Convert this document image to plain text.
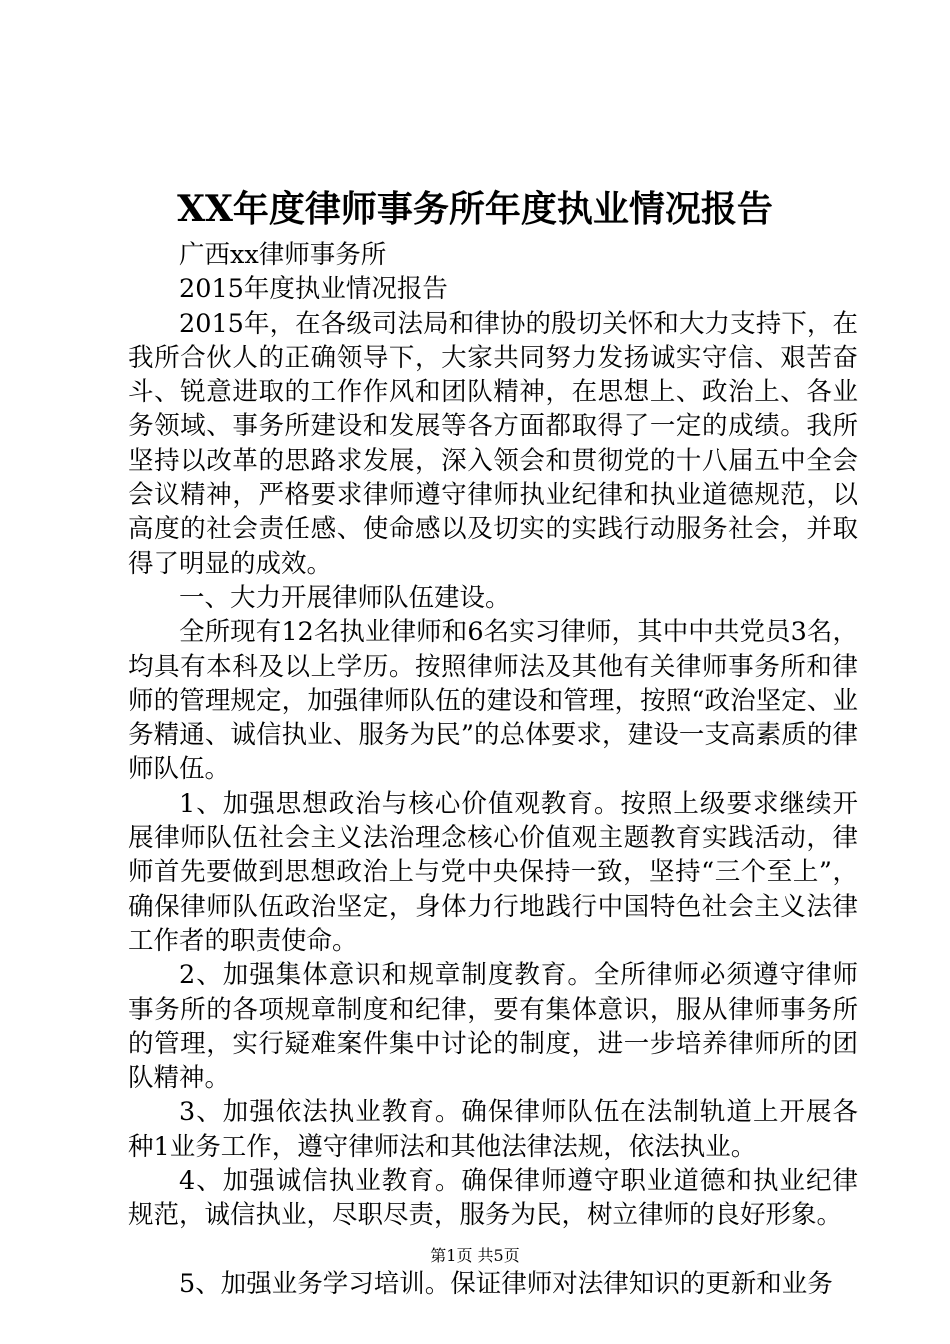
XX年度律师事务所年度执业情况报告

广西xx律师事务所

2015年度执业情况报告

2015年，在各级司法局和律协的殷切关怀和大力支持下，在我所合伙人的正确领导下，大家共同努力发扬诚实守信、艰苦奋斗、锐意进取的工作作风和团队精神，在思想上、政治上、各业务领域、事务所建设和发展等各方面都取得了一定的成绩。我所坚持以改革的思路求发展，深入领会和贯彻党的十八届五中全会会议精神，严格要求律师遵守律师执业纪律和执业道德规范，以高度的社会责任感、使命感以及切实的实践行动服务社会，并取得了明显的成效。

一、大力开展律师队伍建设。

全所现有12名执业律师和6名实习律师，其中中共党员3名，均具有本科及以上学历。按照律师法及其他有关律师事务所和律师的管理规定，加强律师队伍的建设和管理，按照“政治坚定、业务精通、诚信执业、服务为民”的总体要求，建设一支高素质的律师队伍。

1、加强思想政治与核心价值观教育。按照上级要求继续开展律师队伍社会主义法治理念核心价值观主题教育实践活动，律师首先要做到思想政治上与党中央保持一致，坚持“三个至上”，确保律师队伍政治坚定，身体力行地践行中国特色社会主义法律工作者的职责使命。

2、加强集体意识和规章制度教育。全所律师必须遵守律师事务所的各项规章制度和纪律，要有集体意识，服从律师事务所的管理，实行疑难案件集中讨论的制度，进一步培养律师所的团队精神。

3、加强依法执业教育。确保律师队伍在法制轨道上开展各种1业务工作，遵守律师法和其他法律法规，依法执业。

4、加强诚信执业教育。确保律师遵守职业道德和执业纪律规范，诚信执业，尽职尽责，服务为民，树立律师的良好形象。

5、加强业务学习培训。保证律师对法律知识的更新和业务

第1页 共5页
